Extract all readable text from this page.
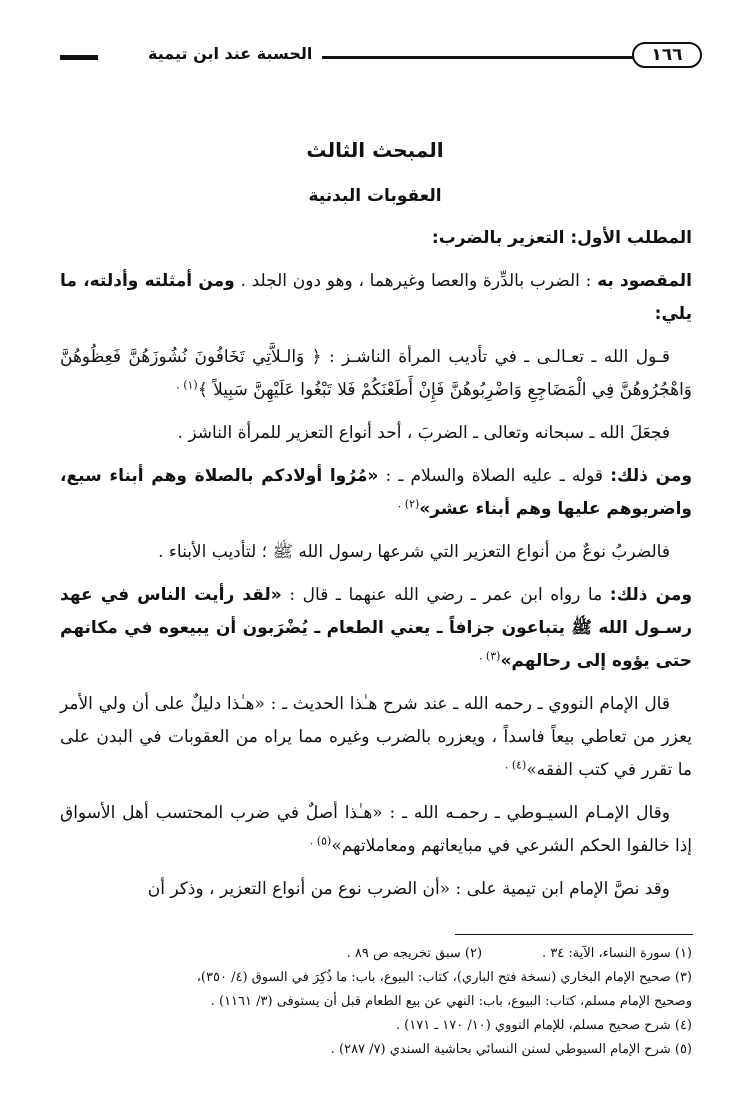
الحسبة عند ابن تيمية	١٦٦
المبحث الثالث
العقوبات البدنية

المطلب الأول: التعزير بالضرب:

المقصود به : الضرب بالدِّرة والعصا وغيرهما ، وهو دون الجلد . ومن أمثلته وأدلته، ما يلي:

قـول الله ـ تعـالـى ـ في تأديب المرأة الناشـز : ﴿ وَالـلاَّتِي تَخَافُونَ نُشُوزَهُنَّ فَعِظُوهُنَّ وَاهْجُرُوهُنَّ فِي الْمَضَاجِعِ وَاضْرِبُوهُنَّ فَإِنْ أَطَعْنَكُمْ فَلا تَبْغُوا عَلَيْهِنَّ سَبِيلاً ﴾$^{(١) .}$

فجعَلَ الله ـ سبحانه وتعالى ـ الضربَ ، أحد أنواع التعزير للمرأة الناشز .

ومن ذلك: قوله ـ عليه الصلاة والسلام ـ : «مُرُوا أولادكم بالصلاة وهم أبناء سبع، واضربوهم عليها وهم أبناء عشر»$^{(٢) .}$

فالضربُ نوعٌ من أنواع التعزير التي شرعها رسول الله ﷺ ؛ لتأديب الأبناء .

ومن ذلك: ما رواه ابن عمر ـ رضي الله عنهما ـ قال : «لقد رأيت الناس في عهد رسـول الله ﷺ يتباعون جزافاً ـ يعني الطعام ـ يُضْرَبون أن يبيعوه في مكانهم حتى يؤوه إلى رحالهم»$^{(٣) .}$

قال الإمام النووي ـ رحمه الله ـ عند شرح هـٰذا الحديث ـ : «هـٰذا دليلٌ على أن ولي الأمر يعزر من تعاطي بيعاً فاسداً ، ويعزره بالضرب وغيره مما يراه من العقوبات في البدن على ما تقرر في كتب الفقه»$^{(٤) .}$

وقال الإمـام السيـوطي ـ رحمـه الله ـ : «هـٰذا أصلٌ في ضرب المحتسب أهل الأسواق إذا خالفوا الحكم الشرعي في مبايعاتهم ومعاملاتهم»$^{(٥) .}$

وقد نصَّ الإمام ابن تيمية على : «أن الضرب نوع من أنواع التعزير ، وذكر أن

(١) سورة النساء، الآية: ٣٤ .
(٢) سبق تخريجه ص ٨٩ .
(٣) صحيح الإمام البخاري (نسخة فتح الباري)، كتاب: البيوع، باب: ما ذُكِرَ في السوق (٤/ ٣٥٠)،
وصحيح الإمام مسلم، كتاب: البيوع، باب: النهي عن بيع الطعام قبل أن يستوفى (٣/ ١١٦١) .
(٤) شرح صحيح مسلم، للإمام النووي (١٠/ ١٧٠ ـ ١٧١) .
(٥) شرح الإمام السيوطي لسنن النسائي بحاشية السندي (٧/ ٢٨٧) .
